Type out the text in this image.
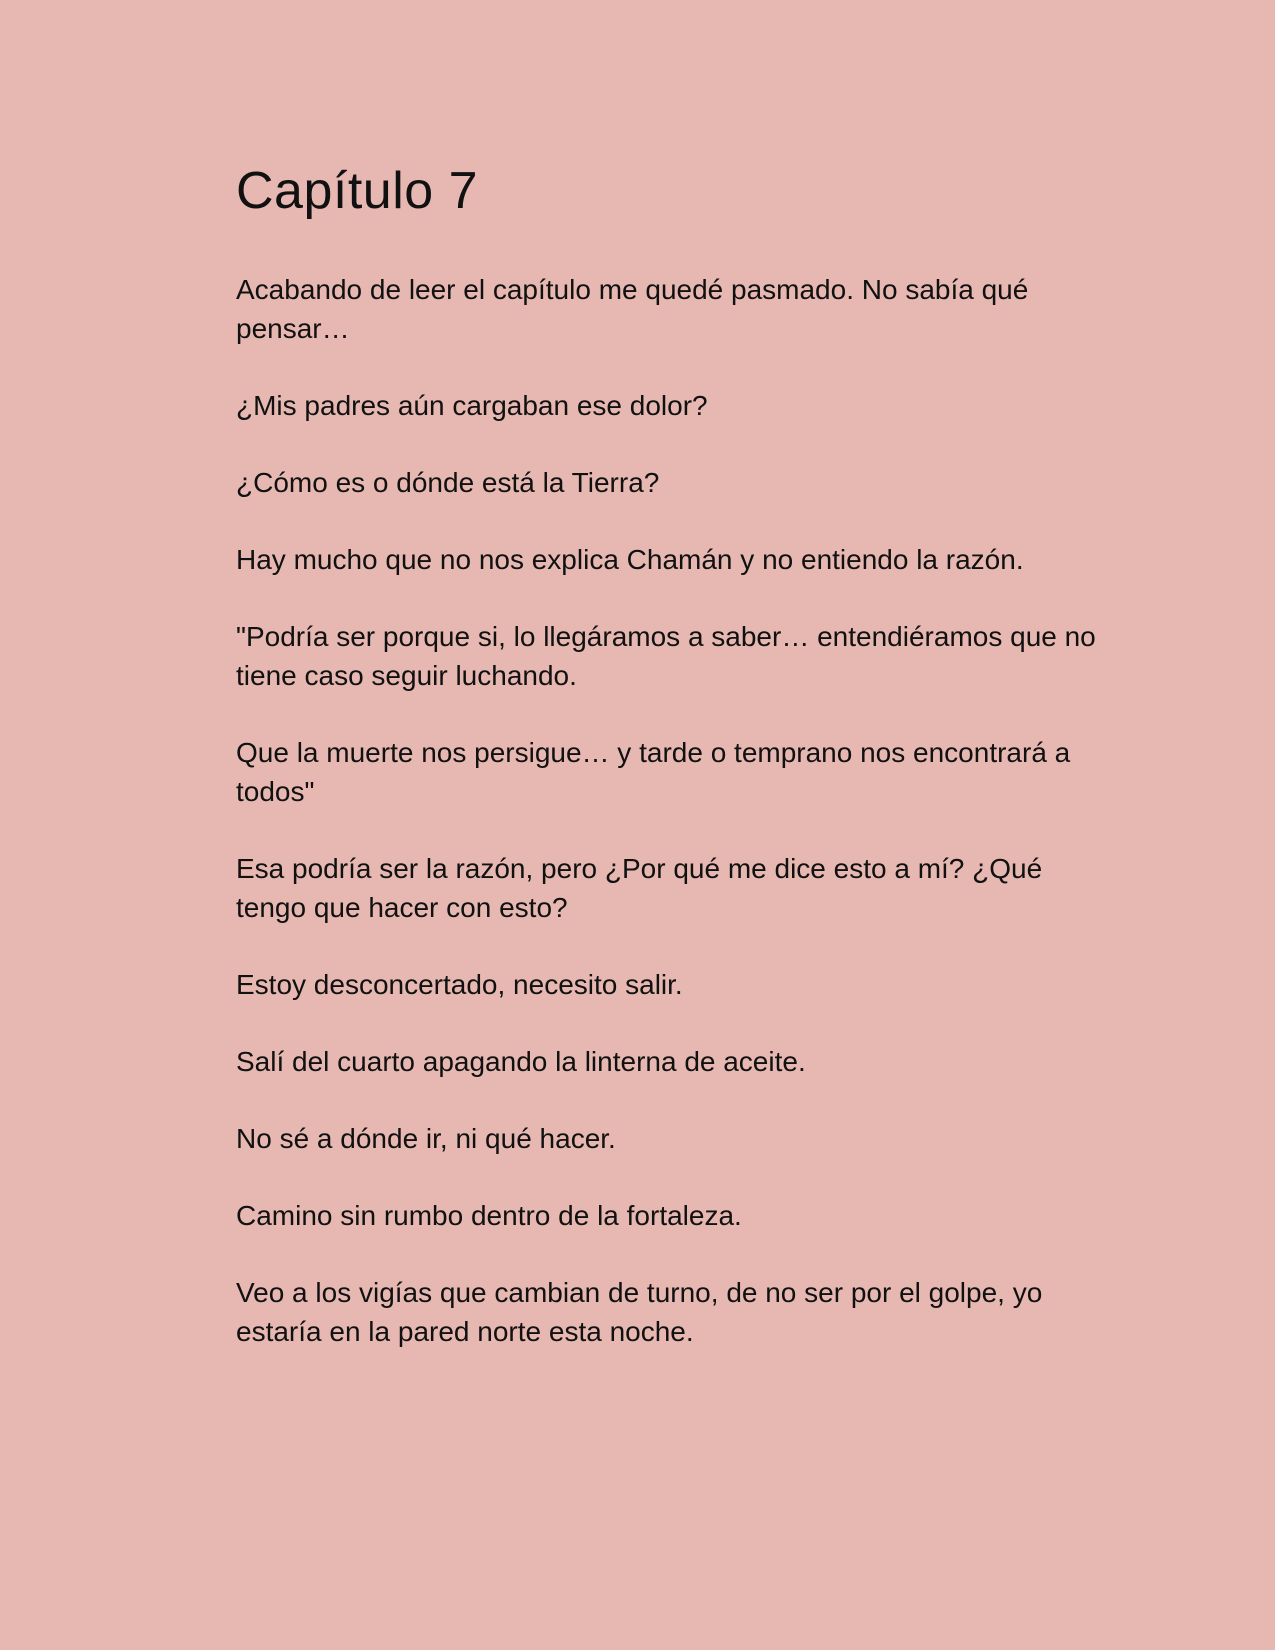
Capítulo 7

Acabando de leer el capítulo me quedé pasmado. No sabía qué pensar…

¿Mis padres aún cargaban ese dolor?

¿Cómo es o dónde está la Tierra?

Hay mucho que no nos explica Chamán y no entiendo la razón.

"Podría ser porque si, lo llegáramos a saber… entendiéramos que no tiene caso seguir luchando.

Que la muerte nos persigue… y tarde o temprano nos encontrará a todos"

Esa podría ser la razón, pero ¿Por qué me dice esto a mí? ¿Qué tengo que hacer con esto?

Estoy desconcertado, necesito salir.

Salí del cuarto apagando la linterna de aceite.

No sé a dónde ir, ni qué hacer.

Camino sin rumbo dentro de la fortaleza.

Veo a los vigías que cambian de turno, de no ser por el golpe, yo estaría en la pared norte esta noche.
